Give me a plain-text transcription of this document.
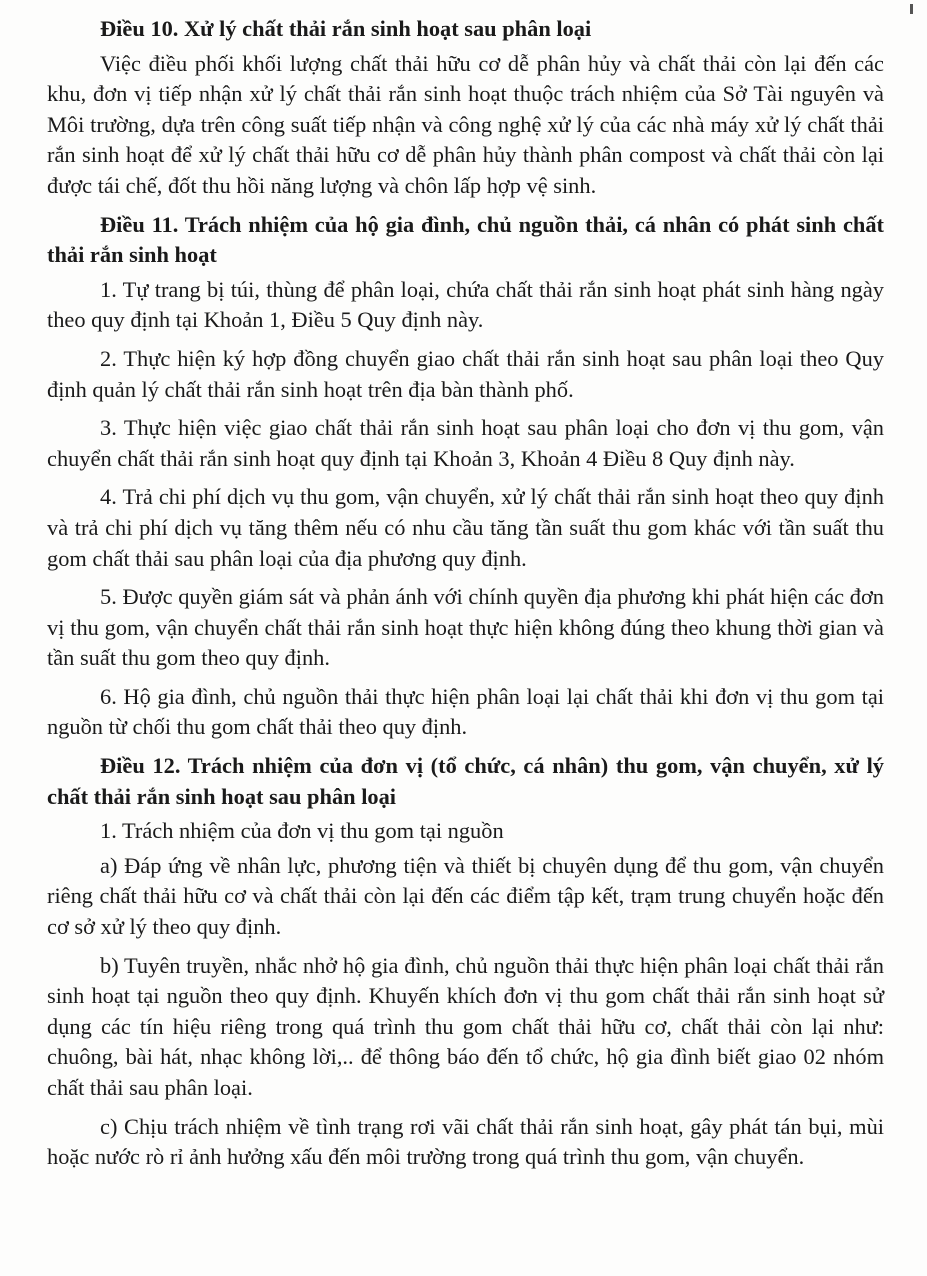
Điều 10. Xử lý chất thải rắn sinh hoạt sau phân loại

Việc điều phối khối lượng chất thải hữu cơ dễ phân hủy và chất thải còn lại đến các khu, đơn vị tiếp nhận xử lý chất thải rắn sinh hoạt thuộc trách nhiệm của Sở Tài nguyên và Môi trường, dựa trên công suất tiếp nhận và công nghệ xử lý của các nhà máy xử lý chất thải rắn sinh hoạt để xử lý chất thải hữu cơ dễ phân hủy thành phân compost và chất thải còn lại được tái chế, đốt thu hồi năng lượng và chôn lấp hợp vệ sinh.

Điều 11. Trách nhiệm của hộ gia đình, chủ nguồn thải, cá nhân có phát sinh chất thải rắn sinh hoạt

1. Tự trang bị túi, thùng để phân loại, chứa chất thải rắn sinh hoạt phát sinh hàng ngày theo quy định tại Khoản 1, Điều 5 Quy định này.

2. Thực hiện ký hợp đồng chuyển giao chất thải rắn sinh hoạt sau phân loại theo Quy định quản lý chất thải rắn sinh hoạt trên địa bàn thành phố.

3. Thực hiện việc giao chất thải rắn sinh hoạt sau phân loại cho đơn vị thu gom, vận chuyển chất thải rắn sinh hoạt quy định tại Khoản 3, Khoản 4 Điều 8 Quy định này.

4. Trả chi phí dịch vụ thu gom, vận chuyển, xử lý chất thải rắn sinh hoạt theo quy định và trả chi phí dịch vụ tăng thêm nếu có nhu cầu tăng tần suất thu gom khác với tần suất thu gom chất thải sau phân loại của địa phương quy định.

5. Được quyền giám sát và phản ánh với chính quyền địa phương khi phát hiện các đơn vị thu gom, vận chuyển chất thải rắn sinh hoạt thực hiện không đúng theo khung thời gian và tần suất thu gom theo quy định.

6. Hộ gia đình, chủ nguồn thải thực hiện phân loại lại chất thải khi đơn vị thu gom tại nguồn từ chối thu gom chất thải theo quy định.

Điều 12. Trách nhiệm của đơn vị (tổ chức, cá nhân) thu gom, vận chuyển, xử lý chất thải rắn sinh hoạt sau phân loại

1. Trách nhiệm của đơn vị thu gom tại nguồn

a) Đáp ứng về nhân lực, phương tiện và thiết bị chuyên dụng để thu gom, vận chuyển riêng chất thải hữu cơ và chất thải còn lại đến các điểm tập kết, trạm trung chuyển hoặc đến cơ sở xử lý theo quy định.

b) Tuyên truyền, nhắc nhở hộ gia đình, chủ nguồn thải thực hiện phân loại chất thải rắn sinh hoạt tại nguồn theo quy định. Khuyến khích đơn vị thu gom chất thải rắn sinh hoạt sử dụng các tín hiệu riêng trong quá trình thu gom chất thải hữu cơ, chất thải còn lại như: chuông, bài hát, nhạc không lời,.. để thông báo đến tổ chức, hộ gia đình biết giao 02 nhóm chất thải sau phân loại.

c) Chịu trách nhiệm về tình trạng rơi vãi chất thải rắn sinh hoạt, gây phát tán bụi, mùi hoặc nước rò rỉ ảnh hưởng xấu đến môi trường trong quá trình thu gom, vận chuyển.
